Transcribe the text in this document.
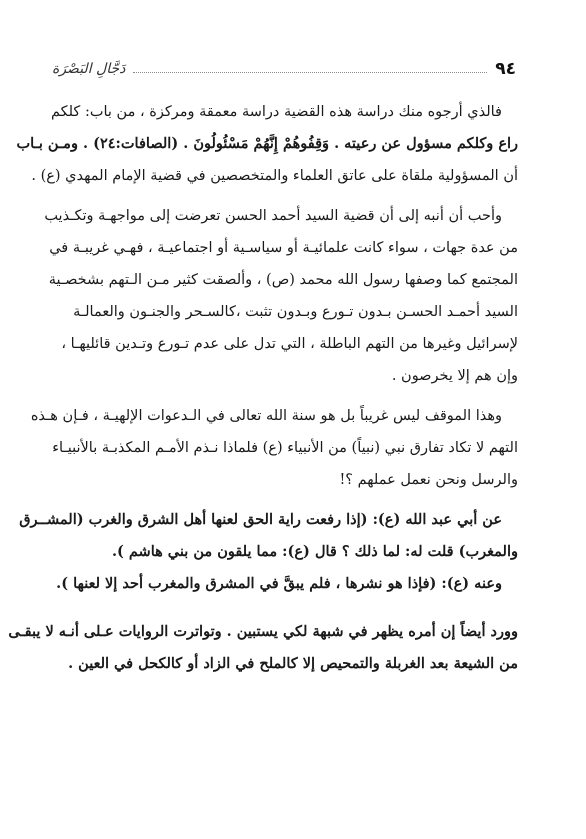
٩٤
دَجَّالِ البَصْرَة
فالذي أرجوه منك دراسة هذه القضية دراسة معمقة ومركزة ، من باب: كلكم
راع وكلكم مسؤول عن رعيته . وَقِفُوهُمْ إِنَّهُمْ مَسْئُولُونَ . (الصافات:٢٤) . ومـن بـاب
أن المسؤولية ملقاة على عاتق العلماء والمتخصصين في قضية الإمام المهدي (ع) .
وأحب أن أنبه إلى أن قضية السيد أحمد الحسن تعرضت إلى مواجهـة وتكـذيب
من عدة جهات ، سواء كانت علمائيـة أو سياسـية أو اجتماعيـة ، فهـي غريبـة في
المجتمع كما وصفها رسول الله محمد (ص) ، وألصقت كثير مـن الـتهم بشخصـية
السيد أحمـد الحسـن بـدون تـورع وبـدون تثبت ،كالسـحر والجنـون والعمالـة
لإسرائيل وغيرها من التهم الباطلة ، التي تدل على عدم تـورع وتـدين قائليهـا ،
وإن هم إلا يخرصون .
وهذا الموقف ليس غريباً بل هو سنة الله تعالى في الـدعوات الإلهيـة ، فـإن هـذه
التهم لا تكاد تفارق نبي (نبياً) من الأنبياء (ع) فلماذا نـذم الأمـم المكذبـة بالأنبيـاء
والرسل ونحن نعمل عملهم ؟!
عن أبي عبد الله (ع): (إذا رفعت راية الحق لعنها أهل الشرق والغرب (المشــرق
والمغرب) قلت له: لما ذلك ؟ قال (ع): مما يلقون من بني هاشم ).
وعنه (ع): (فإذا هو نشرها ، فلم يبقَّ في المشرق والمغرب أحد إلا لعنها ).
وورد أيضاً إن أمره يظهر في شبهة لكي يستبين . وتواترت الروايات عـلى أنـه لا يبقـى
من الشيعة بعد الغربلة والتمحيص إلا كالملح في الزاد أو كالكحل في العين .
